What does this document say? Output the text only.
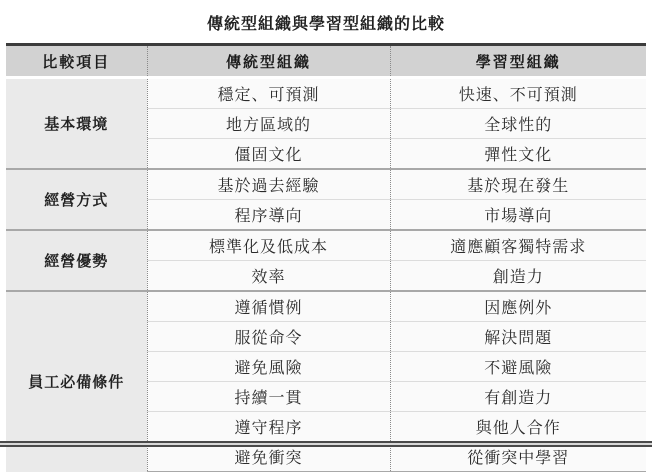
傳統型組織與學習型組織的比較
比較項目	傳統型組織	學習型組織
基本環境	穩定、可預測	快速、不可預測
	地方區域的	全球性的
	僵固文化	彈性文化
經營方式	基於過去經驗	基於現在發生
	程序導向	市場導向
經營優勢	標準化及低成本	適應顧客獨特需求
	效率	創造力
員工必備條件	遵循慣例	因應例外
	服從命令	解決問題
	避免風險	不避風險
	持續一貫	有創造力
	遵守程序	與他人合作
	避免衝突	從衝突中學習
